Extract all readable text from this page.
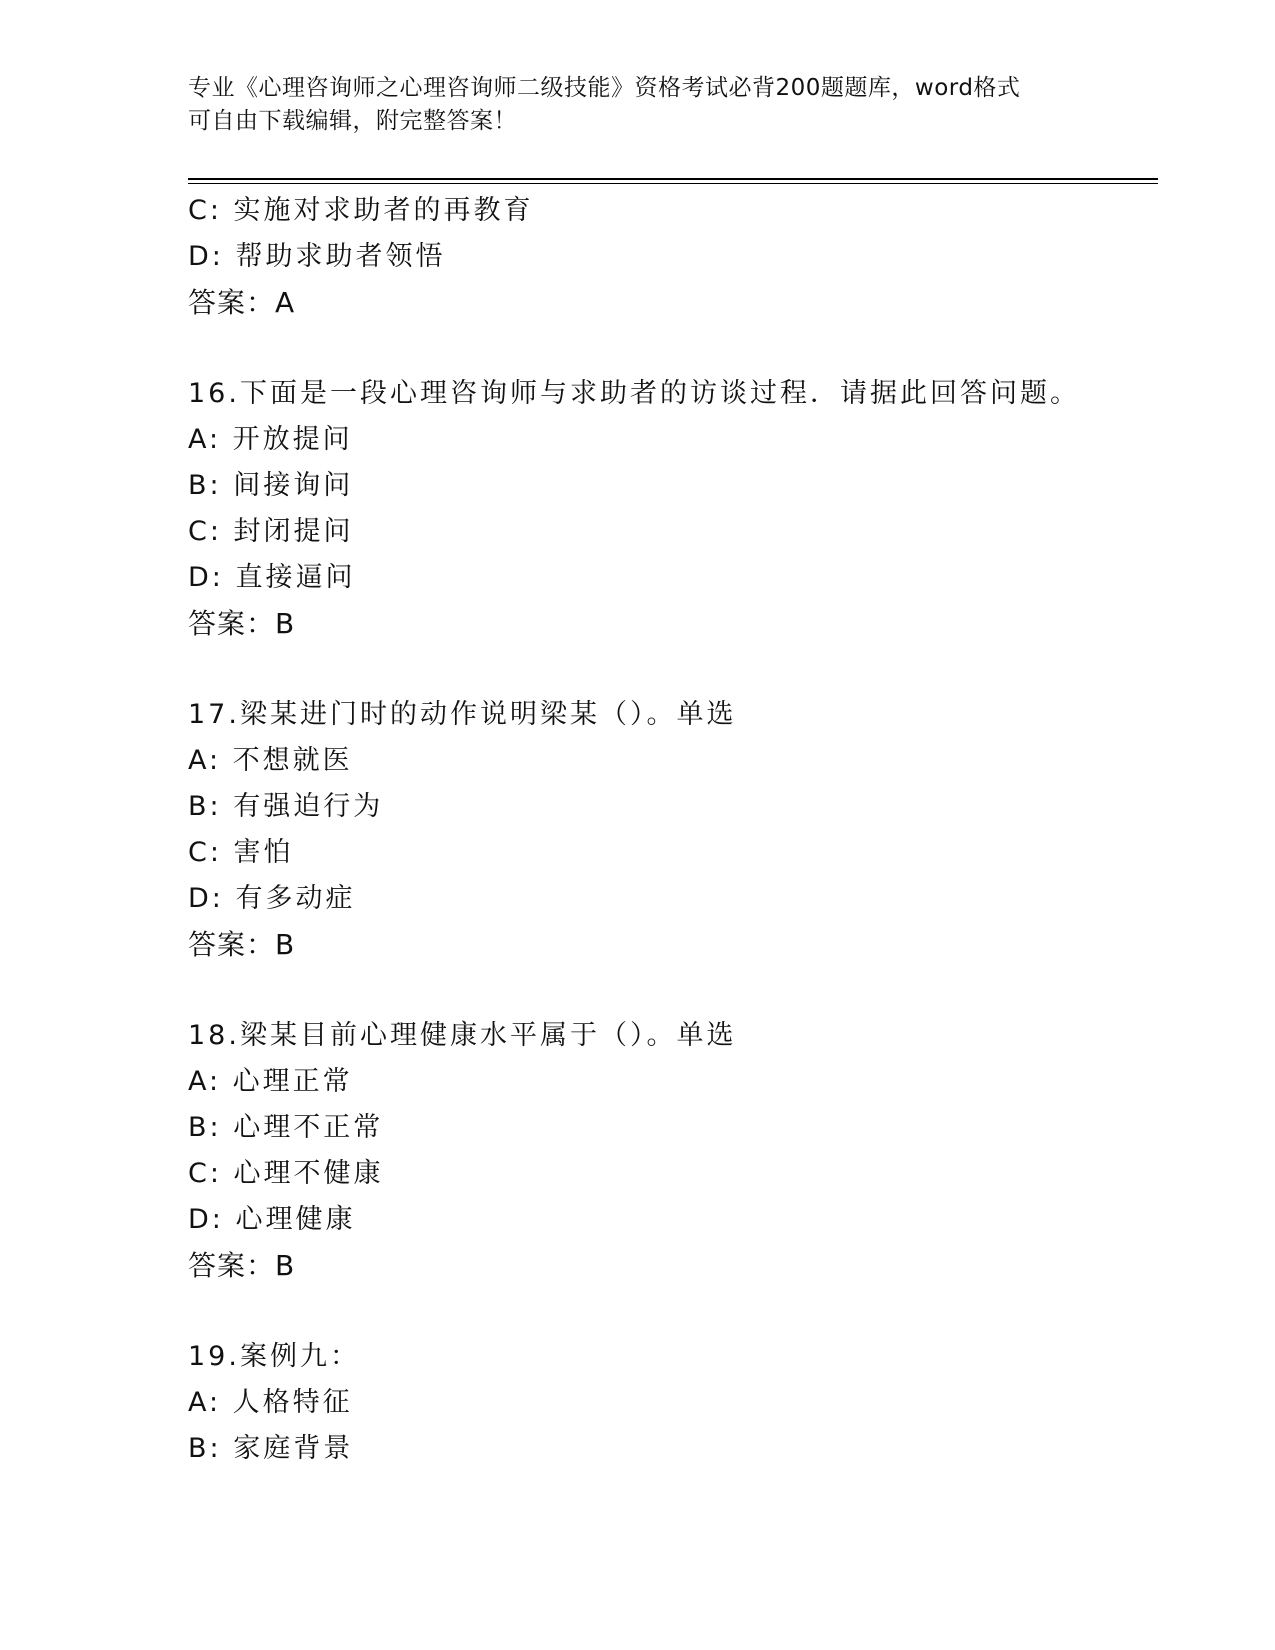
专业《心理咨询师之心理咨询师二级技能》资格考试必背200题题库，word格式
可自由下载编辑，附完整答案！
C: 实施对求助者的再教育
D: 帮助求助者领悟
答案：A
16.下面是一段心理咨询师与求助者的访谈过程．请据此回答问题。
A: 开放提问
B: 间接询问
C: 封闭提问
D: 直接逼问
答案：B
17.梁某进门时的动作说明梁某（）。单选
A: 不想就医
B: 有强迫行为
C: 害怕
D: 有多动症
答案：B
18.梁某目前心理健康水平属于（）。单选
A: 心理正常
B: 心理不正常
C: 心理不健康
D: 心理健康
答案：B
19.案例九：
A: 人格特征
B: 家庭背景
